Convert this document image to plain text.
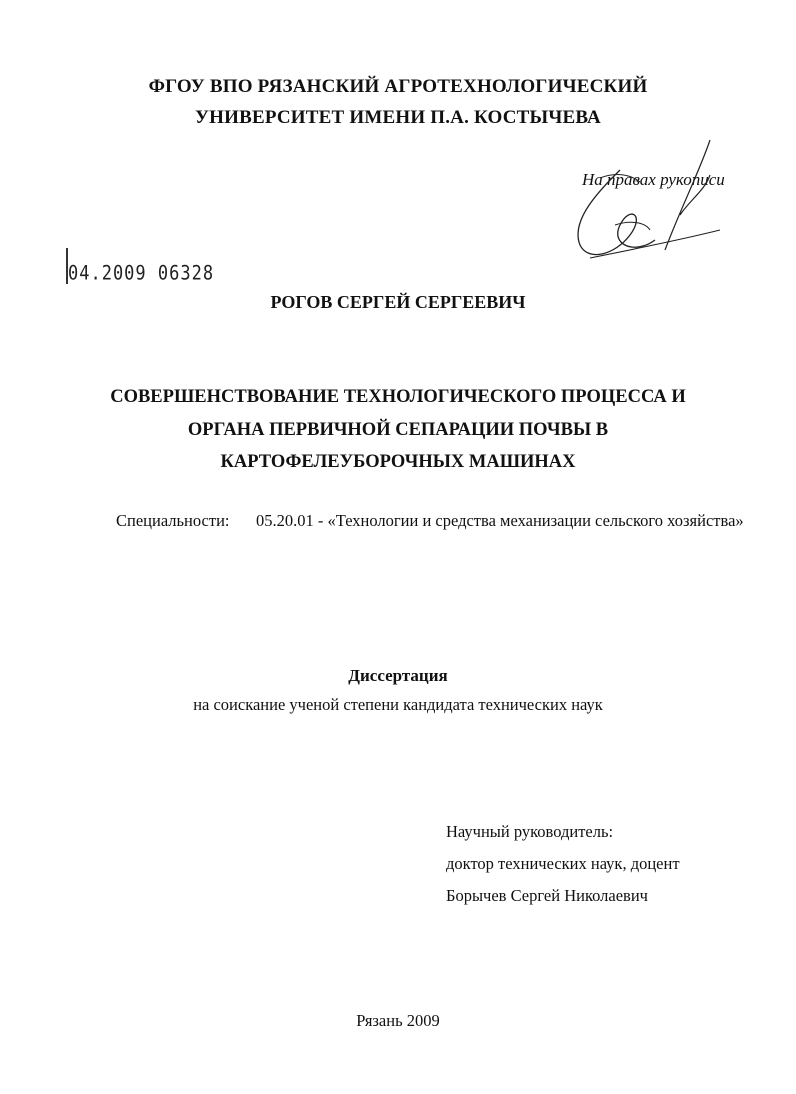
ФГОУ ВПО РЯЗАНСКИЙ АГРОТЕХНОЛОГИЧЕСКИЙ
УНИВЕРСИТЕТ ИМЕНИ П.А. КОСТЫЧЕВА
На правах рукописи
04.2009 06328
РОГОВ СЕРГЕЙ СЕРГЕЕВИЧ
СОВЕРШЕНСТВОВАНИЕ ТЕХНОЛОГИЧЕСКОГО ПРОЦЕССА И
ОРГАНА ПЕРВИЧНОЙ СЕПАРАЦИИ ПОЧВЫ В
КАРТОФЕЛЕУБОРОЧНЫХ МАШИНАХ
Специальности: 05.20.01 - «Технологии и средства механизации сельского хозяйства»
Диссертация
на соискание ученой степени кандидата технических наук
Научный руководитель:
доктор технических наук, доцент
Борычев Сергей Николаевич
Рязань 2009
